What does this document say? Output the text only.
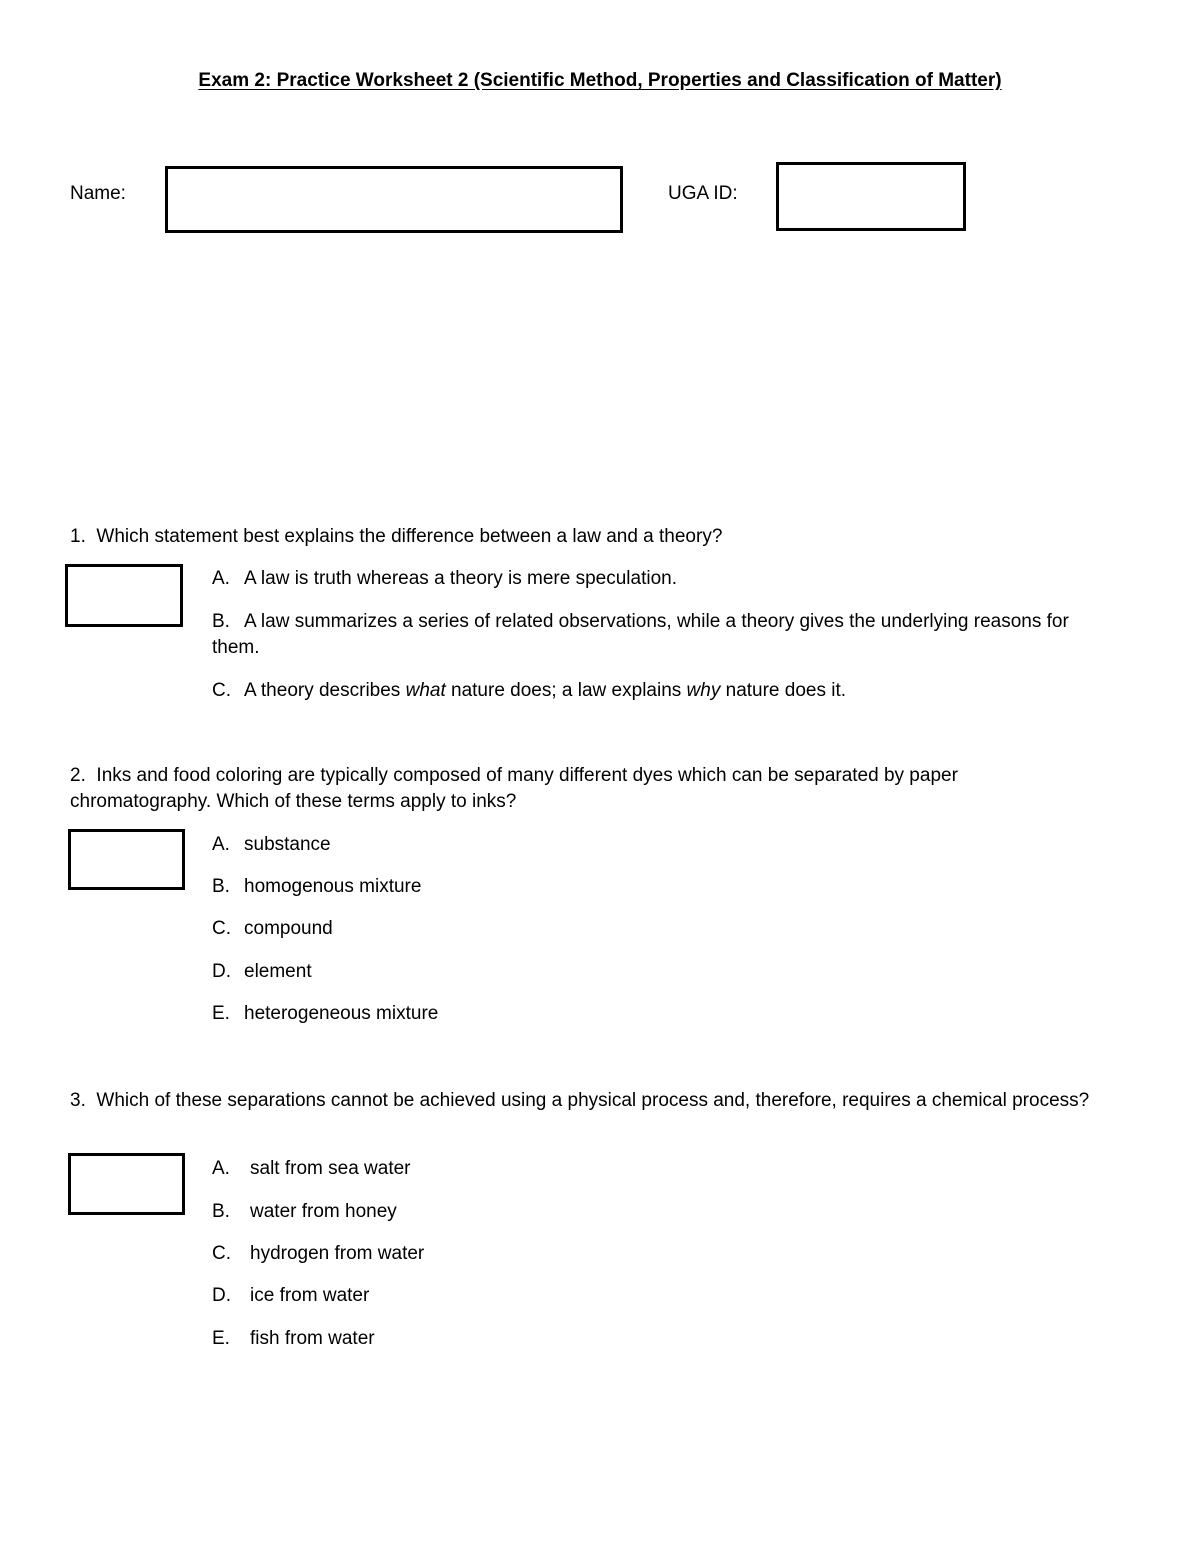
Exam 2: Practice Worksheet 2 (Scientific Method, Properties and Classification of Matter)
Name:	UGA ID:
1. Which statement best explains the difference between a law and a theory?
A. A law is truth whereas a theory is mere speculation.
B. A law summarizes a series of related observations, while a theory gives the underlying reasons for them.
C. A theory describes what nature does; a law explains why nature does it.
2. Inks and food coloring are typically composed of many different dyes which can be separated by paper chromatography. Which of these terms apply to inks?
A. substance
B. homogenous mixture
C. compound
D. element
E. heterogeneous mixture
3. Which of these separations cannot be achieved using a physical process and, therefore, requires a chemical process?
A. salt from sea water
B. water from honey
C. hydrogen from water
D. ice from water
E. fish from water
